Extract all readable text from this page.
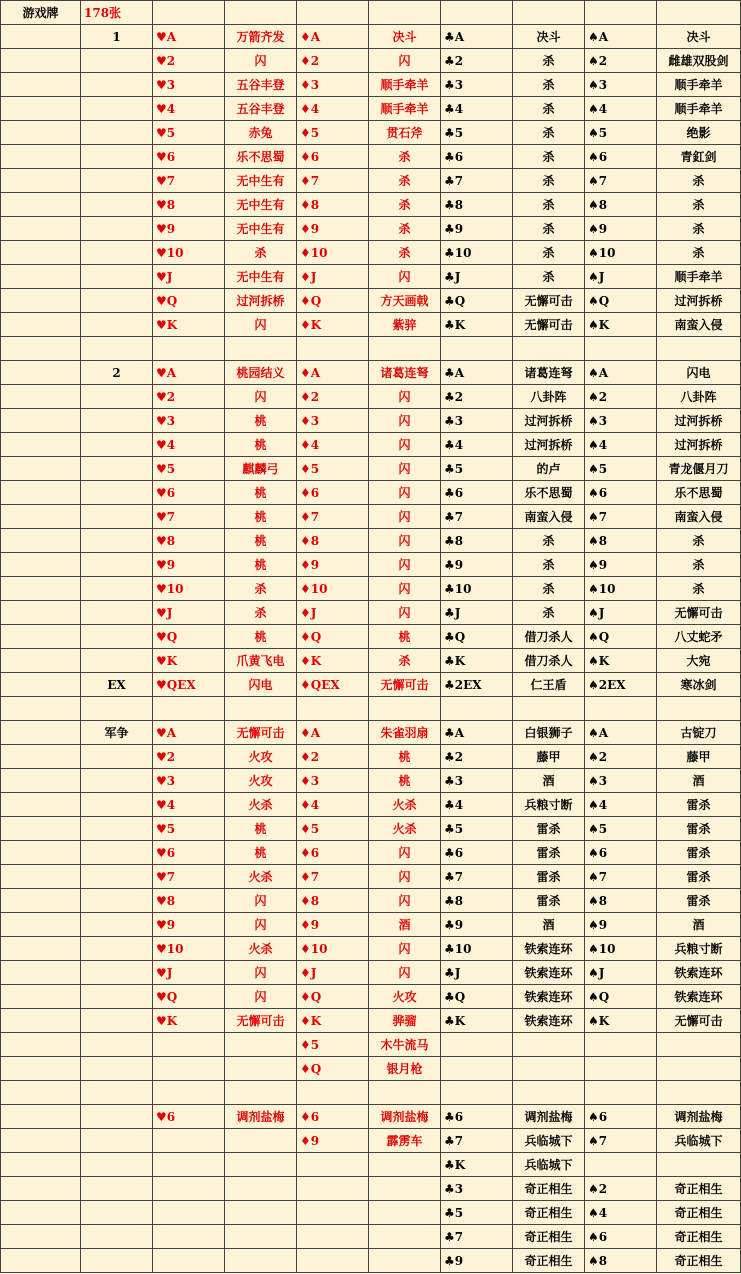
游戏牌	178张								
	1	♥A	万箭齐发	♦A	决斗	♣A	决斗	♠A	决斗
		♥2	闪	♦2	闪	♣2	杀	♠2	雌雄双股剑
		♥3	五谷丰登	♦3	顺手牵羊	♣3	杀	♠3	顺手牵羊
		♥4	五谷丰登	♦4	顺手牵羊	♣4	杀	♠4	顺手牵羊
		♥5	赤兔	♦5	贯石斧	♣5	杀	♠5	绝影
		♥6	乐不思蜀	♦6	杀	♣6	杀	♠6	青釭剑
		♥7	无中生有	♦7	杀	♣7	杀	♠7	杀
		♥8	无中生有	♦8	杀	♣8	杀	♠8	杀
		♥9	无中生有	♦9	杀	♣9	杀	♠9	杀
		♥10	杀	♦10	杀	♣10	杀	♠10	杀
		♥J	无中生有	♦J	闪	♣J	杀	♠J	顺手牵羊
		♥Q	过河拆桥	♦Q	方天画戟	♣Q	无懈可击	♠Q	过河拆桥
		♥K	闪	♦K	紫骍	♣K	无懈可击	♠K	南蛮入侵

	2	♥A	桃园结义	♦A	诸葛连弩	♣A	诸葛连弩	♠A	闪电
		♥2	闪	♦2	闪	♣2	八卦阵	♠2	八卦阵
		♥3	桃	♦3	闪	♣3	过河拆桥	♠3	过河拆桥
		♥4	桃	♦4	闪	♣4	过河拆桥	♠4	过河拆桥
		♥5	麒麟弓	♦5	闪	♣5	的卢	♠5	青龙偃月刀
		♥6	桃	♦6	闪	♣6	乐不思蜀	♠6	乐不思蜀
		♥7	桃	♦7	闪	♣7	南蛮入侵	♠7	南蛮入侵
		♥8	桃	♦8	闪	♣8	杀	♠8	杀
		♥9	桃	♦9	闪	♣9	杀	♠9	杀
		♥10	杀	♦10	闪	♣10	杀	♠10	杀
		♥J	杀	♦J	闪	♣J	杀	♠J	无懈可击
		♥Q	桃	♦Q	桃	♣Q	借刀杀人	♠Q	八丈蛇矛
		♥K	爪黄飞电	♦K	杀	♣K	借刀杀人	♠K	大宛
	EX	♥QEX	闪电	♦QEX	无懈可击	♣2EX	仁王盾	♠2EX	寒冰剑

	军争	♥A	无懈可击	♦A	朱雀羽扇	♣A	白银狮子	♠A	古锭刀
		♥2	火攻	♦2	桃	♣2	藤甲	♠2	藤甲
		♥3	火攻	♦3	桃	♣3	酒	♠3	酒
		♥4	火杀	♦4	火杀	♣4	兵粮寸断	♠4	雷杀
		♥5	桃	♦5	火杀	♣5	雷杀	♠5	雷杀
		♥6	桃	♦6	闪	♣6	雷杀	♠6	雷杀
		♥7	火杀	♦7	闪	♣7	雷杀	♠7	雷杀
		♥8	闪	♦8	闪	♣8	雷杀	♠8	雷杀
		♥9	闪	♦9	酒	♣9	酒	♠9	酒
		♥10	火杀	♦10	闪	♣10	铁索连环	♠10	兵粮寸断
		♥J	闪	♦J	闪	♣J	铁索连环	♠J	铁索连环
		♥Q	闪	♦Q	火攻	♣Q	铁索连环	♠Q	铁索连环
		♥K	无懈可击	♦K	骅骝	♣K	铁索连环	♠K	无懈可击
				♦5	木牛流马				
				♦Q	银月枪				

		♥6	调剂盐梅	♦6	调剂盐梅	♣6	调剂盐梅	♠6	调剂盐梅
				♦9	霹雳车	♣7	兵临城下	♠7	兵临城下
						♣K	兵临城下		
						♣3	奇正相生	♠2	奇正相生
						♣5	奇正相生	♠4	奇正相生
						♣7	奇正相生	♠6	奇正相生
						♣9	奇正相生	♠8	奇正相生
